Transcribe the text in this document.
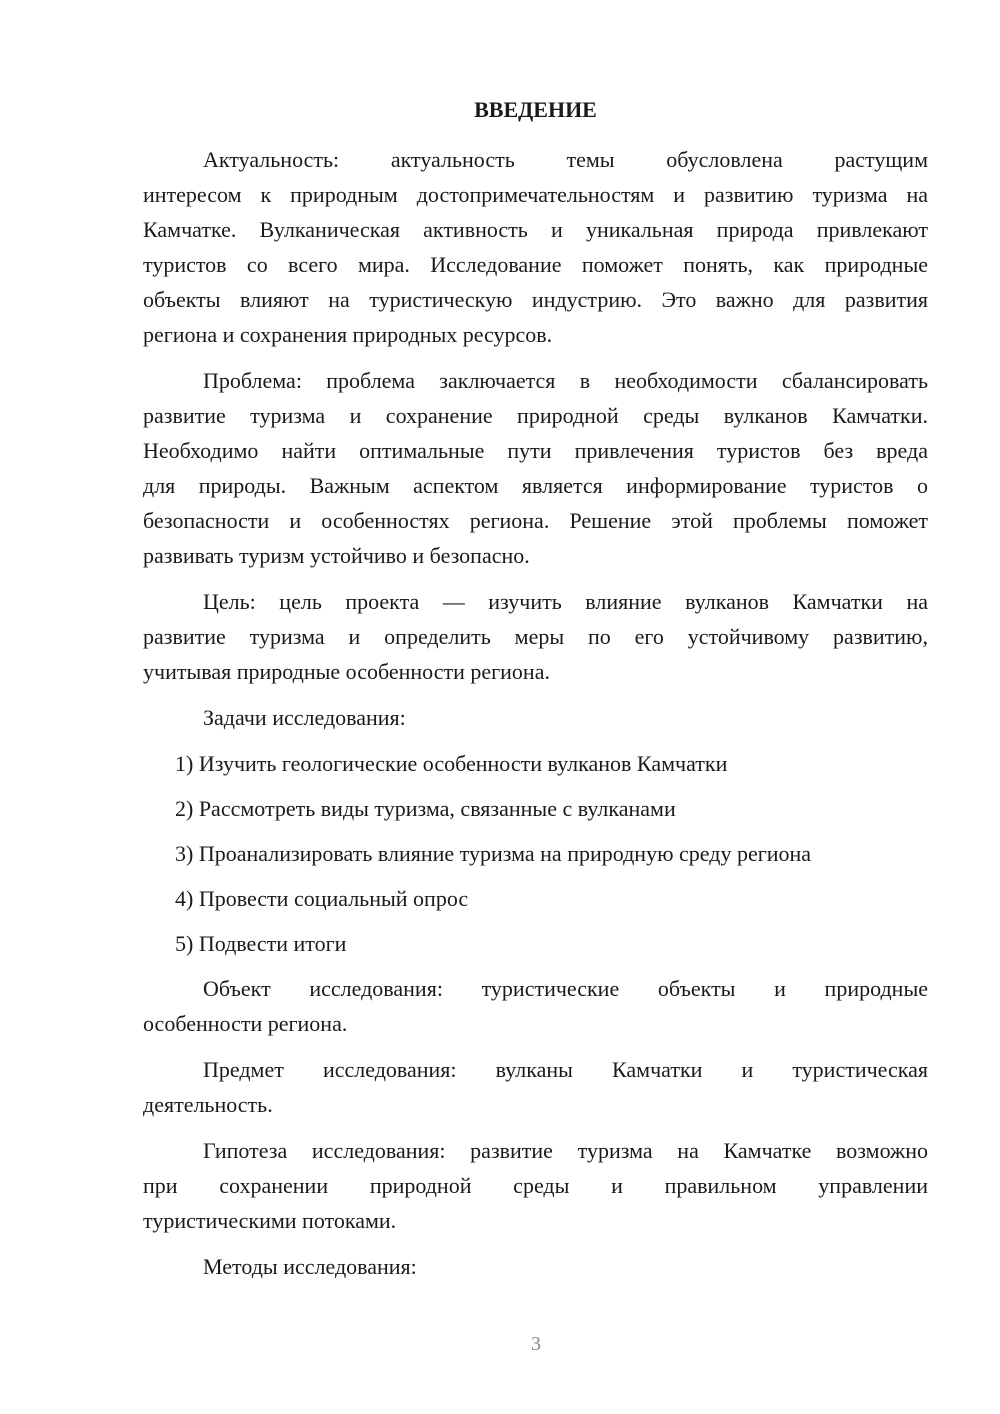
ВВЕДЕНИЕ
Актуальность: актуальность темы обусловлена растущим
интересом к природным достопримечательностям и развитию туризма на
Камчатке. Вулканическая активность и уникальная природа привлекают
туристов со всего мира. Исследование поможет понять, как природные
объекты влияют на туристическую индустрию. Это важно для развития
региона и сохранения природных ресурсов.
Проблема: проблема заключается в необходимости сбалансировать
развитие туризма и сохранение природной среды вулканов Камчатки.
Необходимо найти оптимальные пути привлечения туристов без вреда
для природы. Важным аспектом является информирование туристов о
безопасности и особенностях региона. Решение этой проблемы поможет
развивать туризм устойчиво и безопасно.
Цель: цель проекта — изучить влияние вулканов Камчатки на
развитие туризма и определить меры по его устойчивому развитию,
учитывая природные особенности региона.
Задачи исследования:
1) Изучить геологические особенности вулканов Камчатки
2) Рассмотреть виды туризма, связанные с вулканами
3) Проанализировать влияние туризма на природную среду региона
4) Провести социальный опрос
5) Подвести итоги
Объект исследования: туристические объекты и природные
особенности региона.
Предмет исследования: вулканы Камчатки и туристическая
деятельность.
Гипотеза исследования: развитие туризма на Камчатке возможно
при сохранении природной среды и правильном управлении
туристическими потоками.
Методы исследования:
3
